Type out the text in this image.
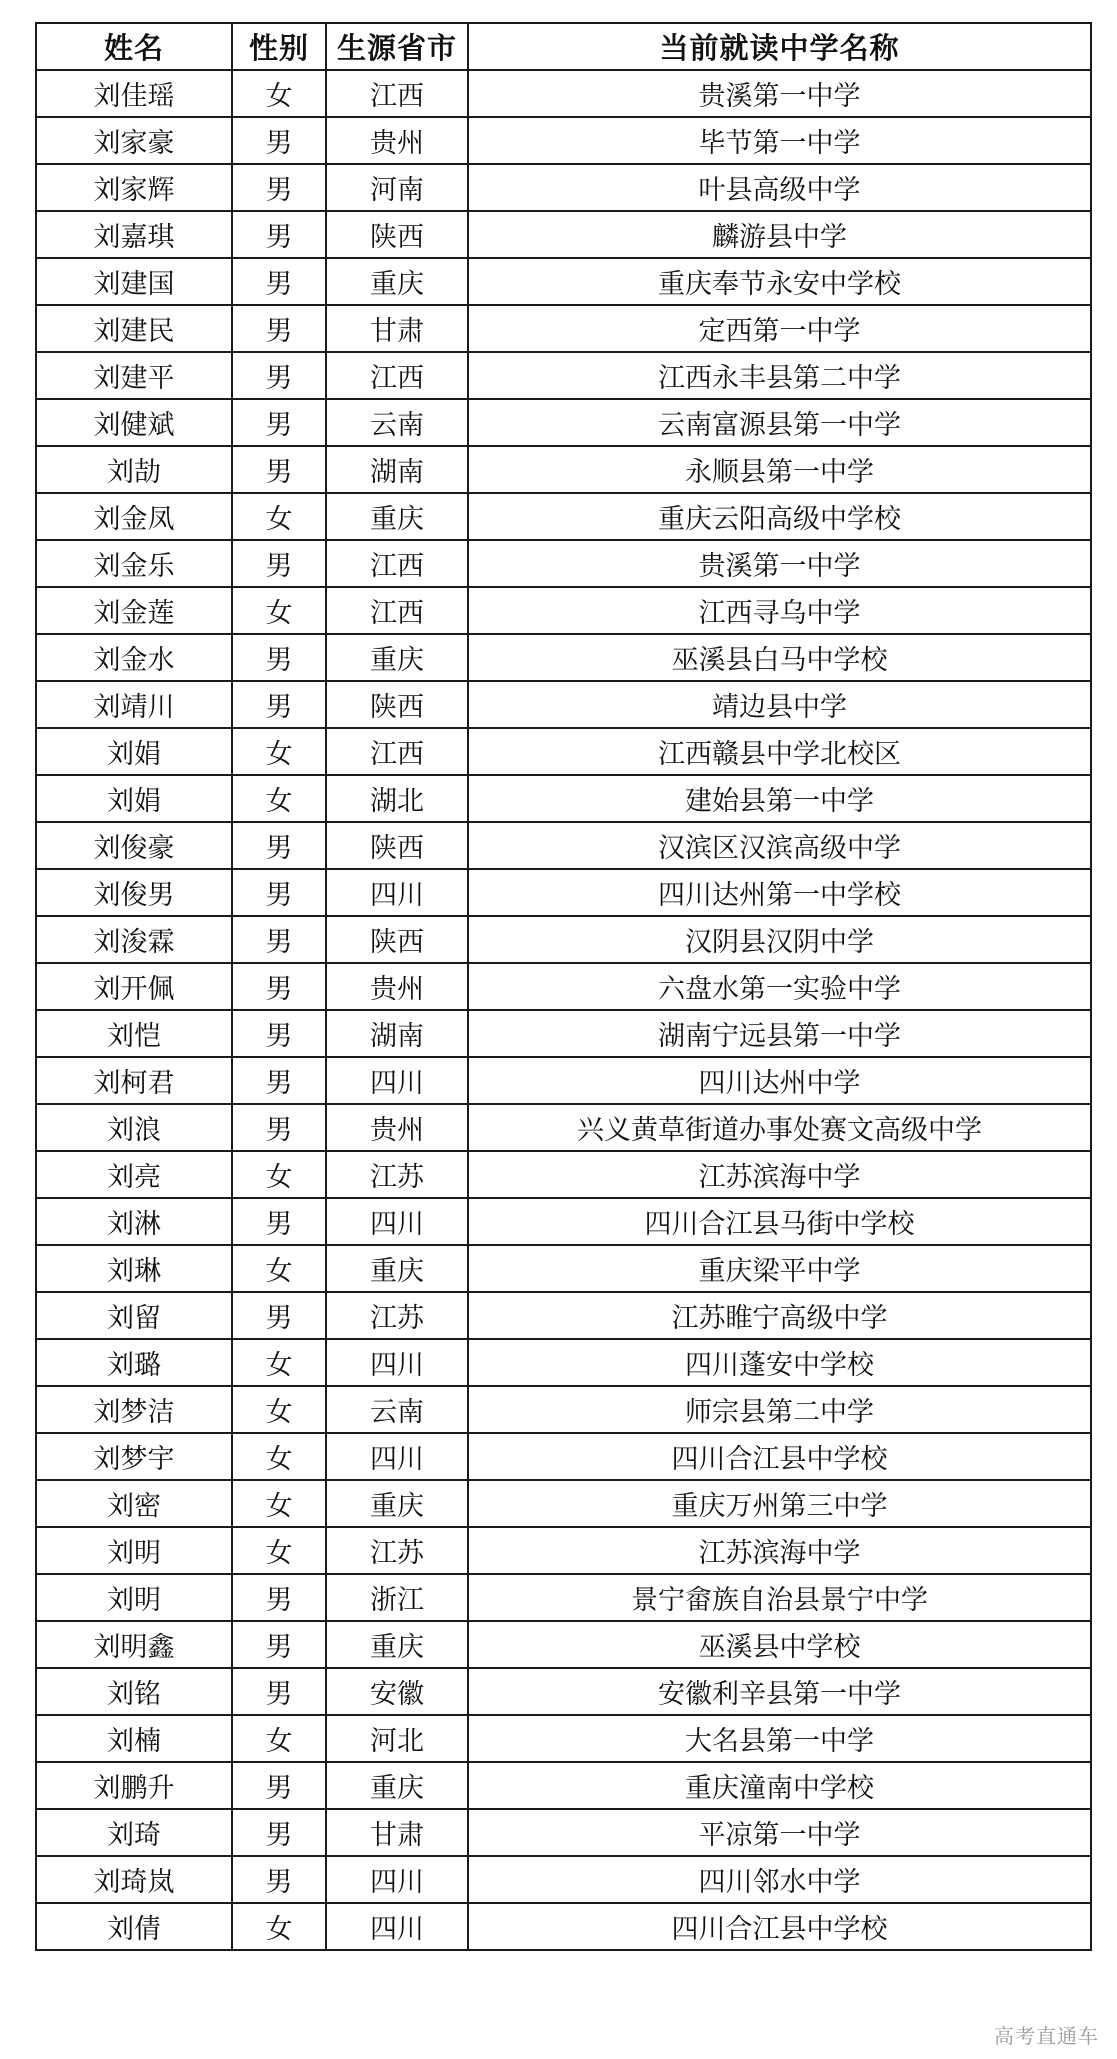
姓名	性别	生源省市	当前就读中学名称
刘佳瑶	女	江西	贵溪第一中学
刘家豪	男	贵州	毕节第一中学
刘家辉	男	河南	叶县高级中学
刘嘉琪	男	陕西	麟游县中学
刘建国	男	重庆	重庆奉节永安中学校
刘建民	男	甘肃	定西第一中学
刘建平	男	江西	江西永丰县第二中学
刘健斌	男	云南	云南富源县第一中学
刘劼	男	湖南	永顺县第一中学
刘金凤	女	重庆	重庆云阳高级中学校
刘金乐	男	江西	贵溪第一中学
刘金莲	女	江西	江西寻乌中学
刘金水	男	重庆	巫溪县白马中学校
刘靖川	男	陕西	靖边县中学
刘娟	女	江西	江西赣县中学北校区
刘娟	女	湖北	建始县第一中学
刘俊豪	男	陕西	汉滨区汉滨高级中学
刘俊男	男	四川	四川达州第一中学校
刘浚霖	男	陕西	汉阴县汉阴中学
刘开佩	男	贵州	六盘水第一实验中学
刘恺	男	湖南	湖南宁远县第一中学
刘柯君	男	四川	四川达州中学
刘浪	男	贵州	兴义黄草街道办事处赛文高级中学
刘亮	女	江苏	江苏滨海中学
刘淋	男	四川	四川合江县马街中学校
刘琳	女	重庆	重庆梁平中学
刘留	男	江苏	江苏睢宁高级中学
刘璐	女	四川	四川蓬安中学校
刘梦洁	女	云南	师宗县第二中学
刘梦宇	女	四川	四川合江县中学校
刘密	女	重庆	重庆万州第三中学
刘明	女	江苏	江苏滨海中学
刘明	男	浙江	景宁畲族自治县景宁中学
刘明鑫	男	重庆	巫溪县中学校
刘铭	男	安徽	安徽利辛县第一中学
刘楠	女	河北	大名县第一中学
刘鹏升	男	重庆	重庆潼南中学校
刘琦	男	甘肃	平凉第一中学
刘琦岚	男	四川	四川邻水中学
刘倩	女	四川	四川合江县中学校
高考直通车
